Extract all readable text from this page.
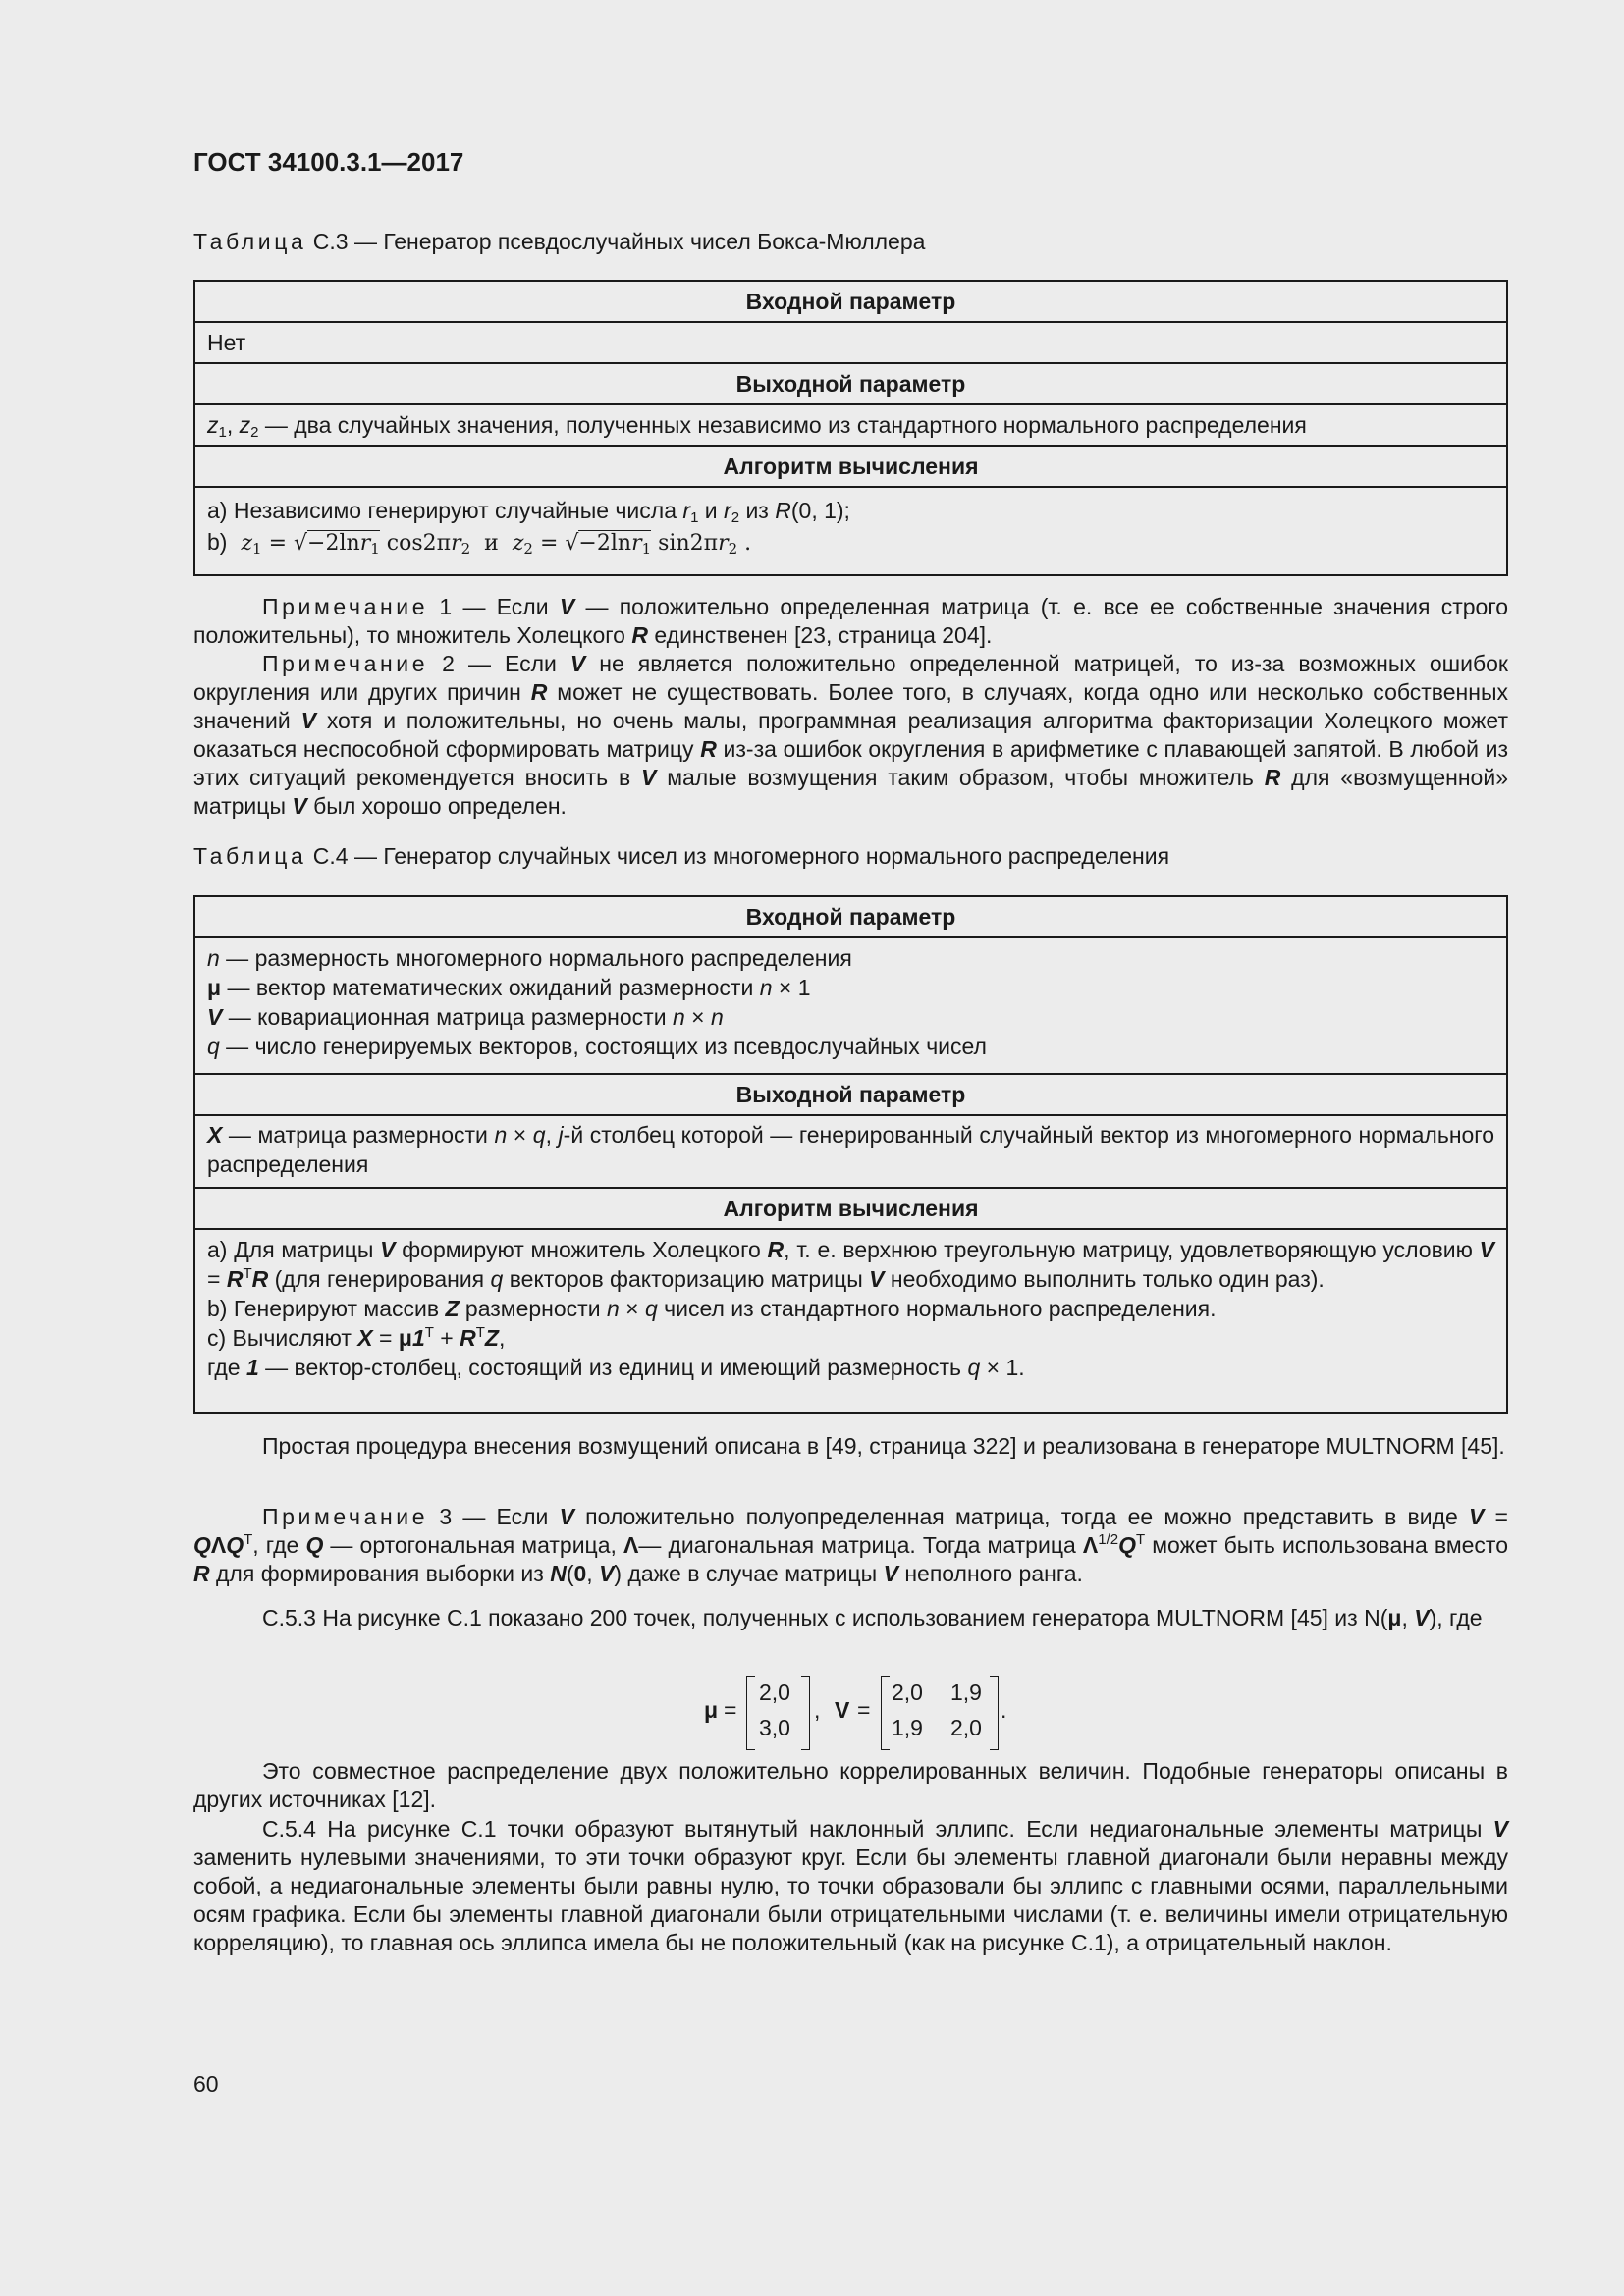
ГОСТ 34100.3.1—2017
Таблица С.3 — Генератор псевдослучайных чисел Бокса-Мюллера
Входной параметр
Нет
Выходной параметр
$z_1$, $z_2$ — два случайных значения, полученных независимо из стандартного нормального распределения
Алгоритм вычисления

a) Независимо генерируют случайные числа $r_1$ и $r_2$ из R(0, 1);
b) $z_1 = √-2\ln r_1$ $\cos 2\pi r_2$ и $z_2 = √-2\ln r_1$ $\sin 2\pi r_2$ .
Примечание 1 — Если V — положительно определенная матрица (т. е. все ее собственные значения строго положительны), то множитель Холецкого R единственен [23, страница 204].
Примечание 2 — Если V не является положительно определенной матрицей, то из-за возможных ошибок округления или других причин R может не существовать. Более того, в случаях, когда одно или несколько собственных значений V хотя и положительны, но очень малы, программная реализация алгоритма факторизации Холецкого может оказаться неспособной сформировать матрицу R из-за ошибок округления в арифметике с плавающей запятой. В любой из этих ситуаций рекомендуется вносить в V малые возмущения таким образом, чтобы множитель R для «возмущенной» матрицы V был хорошо определен.
Таблица С.4 — Генератор случайных чисел из многомерного нормального распределения
Входной параметр

n — размерность многомерного нормального распределения
μ — вектор математических ожиданий размерности n × 1
V — ковариационная матрица размерности n × n
q — число генерируемых векторов, состоящих из псевдослучайных чисел

Выходной параметр
X — матрица размерности n × q, j-й столбец которой — генерированный случайный вектор из многомерного нормального распределения
Алгоритм вычисления

a) Для матрицы V формируют множитель Холецкого R, т. е. верхнюю треугольную матрицу, удовлетворяющую условию $V = R^TR$ (для генерирования q векторов факторизацию матрицы V необходимо выполнить только один раз).
b) Генерируют массив Z размерности n × q чисел из стандартного нормального распределения.
c) Вычисляют $X = \mu 1^T + R^TZ$,
где 1 — вектор-столбец, состоящий из единиц и имеющий размерность q × 1.
Простая процедура внесения возмущений описана в [49, страница 322] и реализована в генераторе MULTNORM [45].
Примечание 3 — Если V положительно полуопределенная матрица, тогда ее можно представить в виде $V = Q\Lambda Q^T$, где Q — ортогональная матрица, Λ— диагональная матрица. Тогда матрица $\Lambda^{1/2}Q^T$ может быть использована вместо R для формирования выборки из N(0, V) даже в случае матрицы V неполного ранга.
С.5.3 На рисунке С.1 показано 200 точек, полученных с использованием генератора MULTNORM [45] из N(μ, V), где
μ =
2,0
3,0
, V =
2,0 1,9
1,9 2,0
.
Это совместное распределение двух положительно коррелированных величин. Подобные генераторы описаны в других источниках [12].
С.5.4 На рисунке С.1 точки образуют вытянутый наклонный эллипс. Если недиагональные элементы матрицы V заменить нулевыми значениями, то эти точки образуют круг. Если бы элементы главной диагонали были неравны между собой, а недиагональные элементы были равны нулю, то точки образовали бы эллипс с главными осями, параллельными осям графика. Если бы элементы главной диагонали были отрицательными числами (т. е. величины имели отрицательную корреляцию), то главная ось эллипса имела бы не положительный (как на рисунке С.1), а отрицательный наклон.
60
